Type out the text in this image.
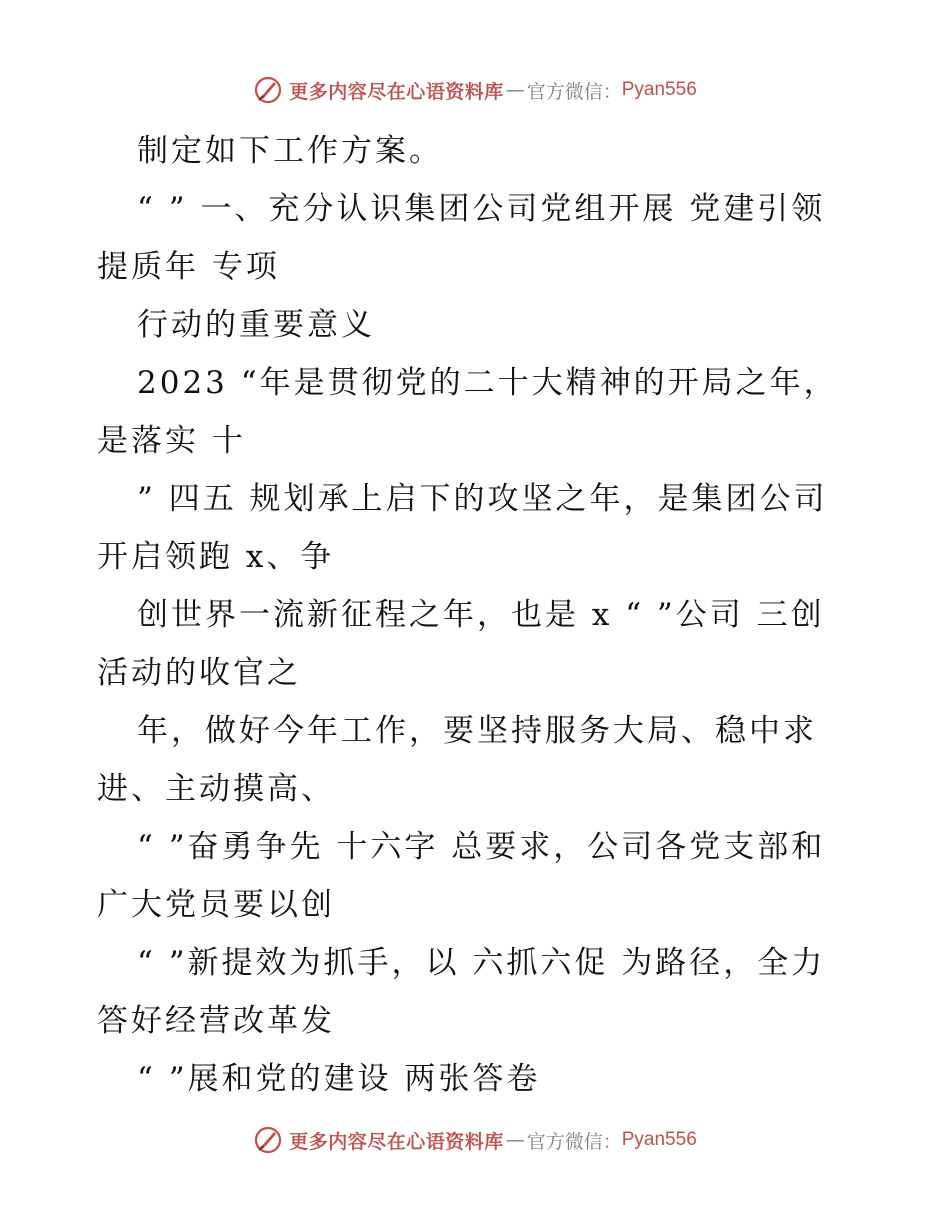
更多内容尽在心语资料库 — 官方微信： Pyan556

制定如下工作方案。

“ ” 一、充分认识集团公司党组开展 党建引领提质年 专项

行动的重要意义

2023 “年是贯彻党的二十大精神的开局之年，是落实 十

” 四五 规划承上启下的攻坚之年，是集团公司开启领跑 x、争

创世界一流新征程之年，也是 x “ ”公司 三创 活动的收官之

年，做好今年工作，要坚持服务大局、稳中求进、主动摸高、

“ ”奋勇争先 十六字 总要求，公司各党支部和广大党员要以创

“ ”新提效为抓手，以 六抓六促 为路径，全力答好经营改革发

“ ”展和党的建设 两张答卷

更多内容尽在心语资料库 — 官方微信： Pyan556
